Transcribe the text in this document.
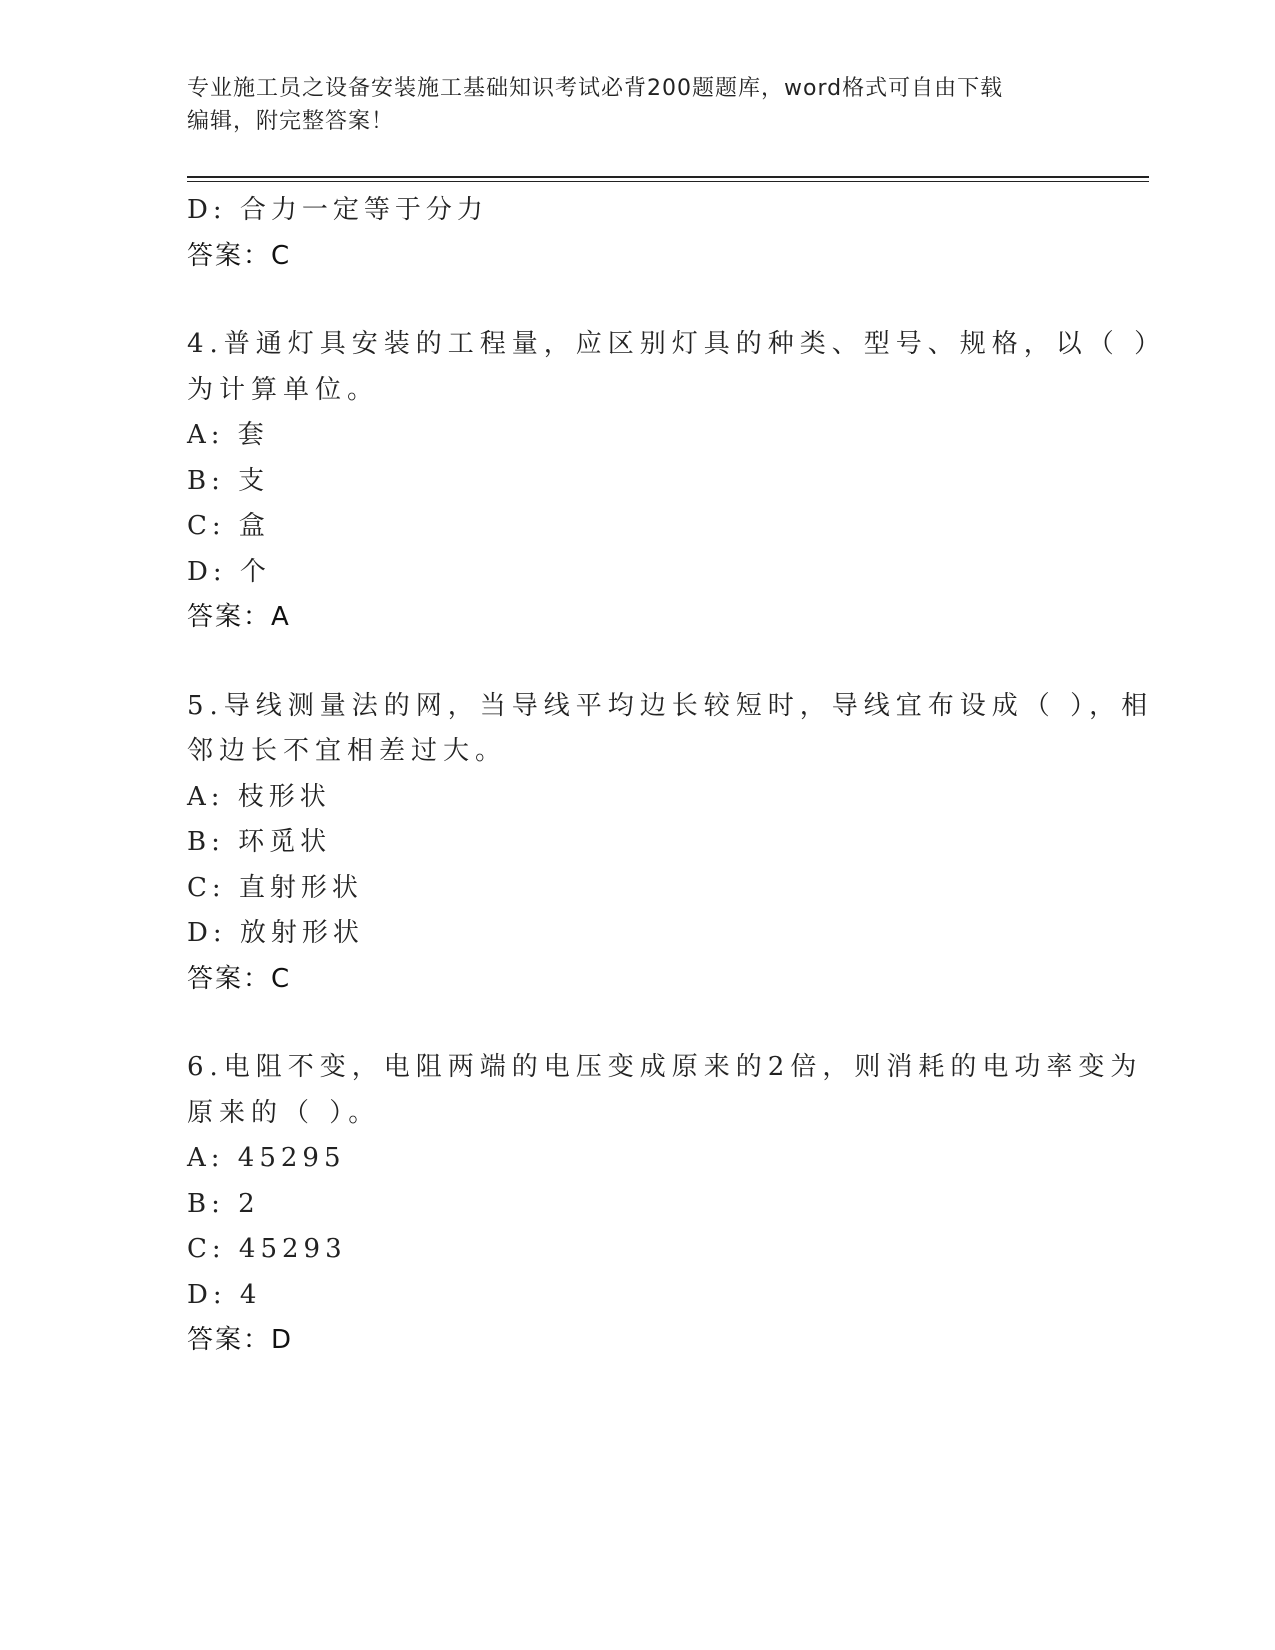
专业施工员之设备安装施工基础知识考试必背200题题库，word格式可自由下载
编辑，附完整答案！
D: 合力一定等于分力
答案：C
4.普通灯具安装的工程量，应区别灯具的种类、型号、规格，以（ ）
为计算单位。
A: 套
B: 支
C: 盒
D: 个
答案：A
5.导线测量法的网，当导线平均边长较短时，导线宜布设成（ ），相
邻边长不宜相差过大。
A: 枝形状
B: 环觅状
C: 直射形状
D: 放射形状
答案：C
6.电阻不变，电阻两端的电压变成原来的2倍，则消耗的电功率变为
原来的（ ）。
A: 45295
B: 2
C: 45293
D: 4
答案：D
